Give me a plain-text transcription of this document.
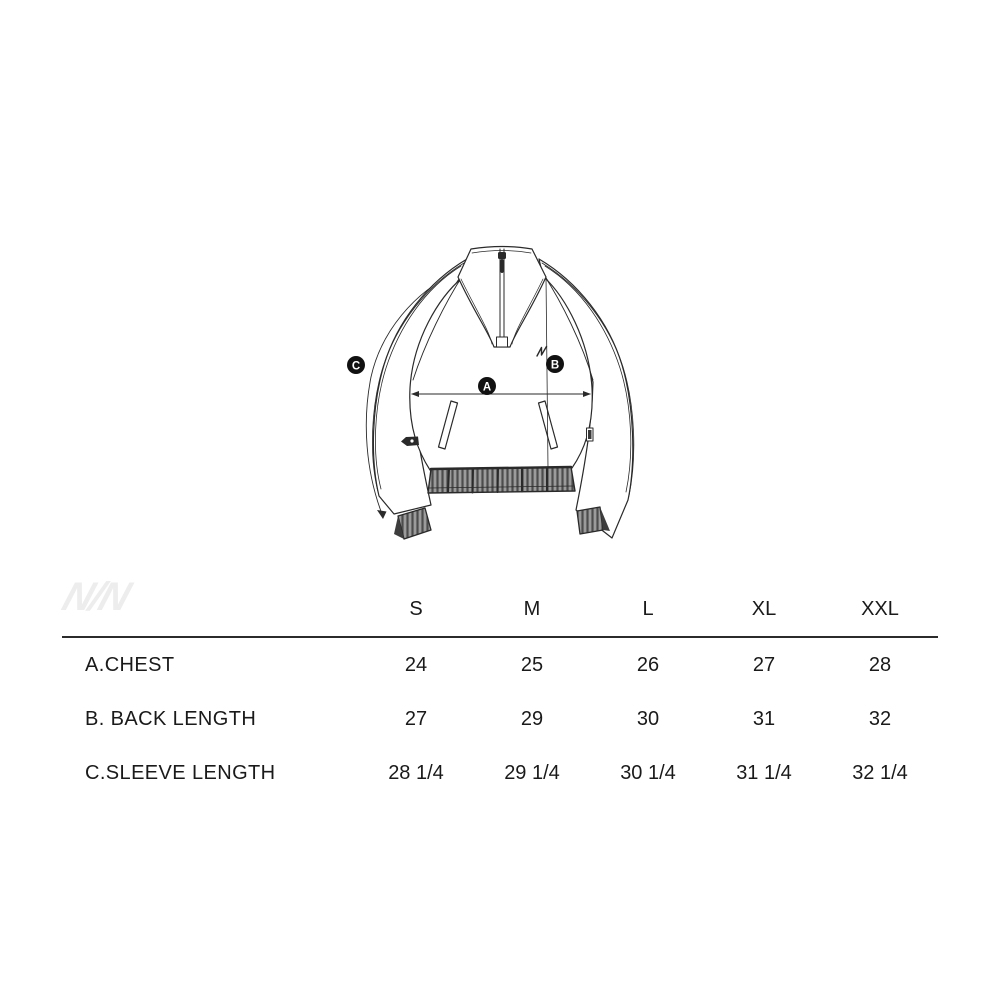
N/N
A
B
C
S	M	L	XL	XXL
A.CHEST	24	25	26	27	28
B. BACK LENGTH	27	29	30	31	32
C.SLEEVE LENGTH	28 1/4	29 1/4	30 1/4	31 1/4	32 1/4
